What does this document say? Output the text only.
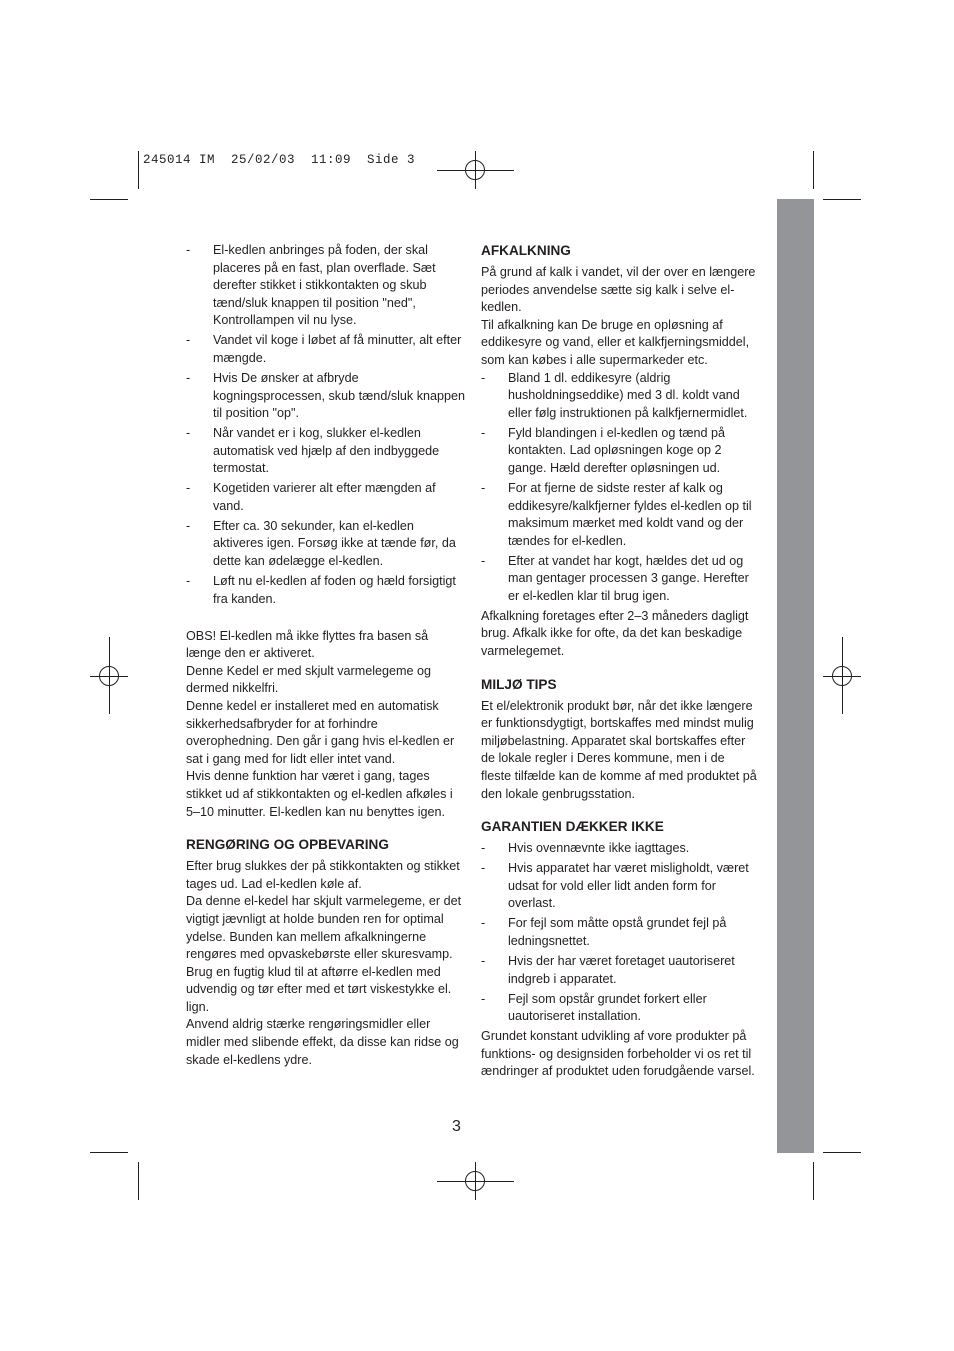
245014 IM  25/02/03  11:09  Side 3
- El-kedlen anbringes på foden, der skal placeres på en fast, plan overflade. Sæt derefter stikket i stikkontakten og skub tænd/sluk knappen til position "ned", Kontrollampen vil nu lyse.
- Vandet vil koge i løbet af få minutter, alt efter mængde.
- Hvis De ønsker at afbryde kogningsprocessen, skub tænd/sluk knappen til position "op".
- Når vandet er i kog, slukker el-kedlen automatisk ved hjælp af den indbyggede termostat.
- Kogetiden varierer alt efter mængden af vand.
- Efter ca. 30 sekunder, kan el-kedlen aktiveres igen. Forsøg ikke at tænde før, da dette kan ødelægge el-kedlen.
- Løft nu el-kedlen af foden og hæld forsigtigt fra kanden.

OBS! El-kedlen må ikke flyttes fra basen så længe den er aktiveret.

Denne Kedel er med skjult varmelegeme og dermed nikkelfri.

Denne kedel er installeret med en automatisk sikkerhedsafbryder for at forhindre overophedning. Den går i gang hvis el-kedlen er sat i gang med for lidt eller intet vand.

Hvis denne funktion har været i gang, tages stikket ud af stikkontakten og el-kedlen afkøles i 5–10 minutter. El-kedlen kan nu benyttes igen.

RENGØRING OG OPBEVARING

Efter brug slukkes der på stikkontakten og stikket tages ud. Lad el-kedlen køle af.

Da denne el-kedel har skjult varmelegeme, er det vigtigt jævnligt at holde bunden ren for optimal ydelse. Bunden kan mellem afkalkningerne rengøres med opvaskebørste eller skuresvamp. Brug en fugtig klud til at aftørre el-kedlen med udvendig og tør efter med et tørt viskestykke el. lign.

Anvend aldrig stærke rengøringsmidler eller midler med slibende effekt, da disse kan ridse og skade el-kedlens ydre.

AFKALKNING

På grund af kalk i vandet, vil der over en længere periodes anvendelse sætte sig kalk i selve el-kedlen.

Til afkalkning kan De bruge en opløsning af eddikesyre og vand, eller et kalkfjerningsmiddel, som kan købes i alle supermarkeder etc.

- Bland 1 dl. eddikesyre (aldrig husholdningseddike) med 3 dl. koldt vand eller følg instruktionen på kalkfjernermidlet.
- Fyld blandingen i el-kedlen og tænd på kontakten. Lad opløsningen koge op 2 gange. Hæld derefter opløsningen ud.
- For at fjerne de sidste rester af kalk og eddikesyre/kalkfjerner fyldes el-kedlen op til maksimum mærket med koldt vand og der tændes for el-kedlen.
- Efter at vandet har kogt, hældes det ud og man gentager processen 3 gange. Herefter er el-kedlen klar til brug igen.

Afkalkning foretages efter 2–3 måneders dagligt brug. Afkalk ikke for ofte, da det kan beskadige varmelegemet.

MILJØ TIPS

Et el/elektronik produkt bør, når det ikke længere er funktionsdygtigt, bortskaffes med mindst mulig miljøbelastning. Apparatet skal bortskaffes efter de lokale regler i Deres kommune, men i de fleste tilfælde kan de komme af med produktet på den lokale genbrugsstation.

GARANTIEN DÆKKER IKKE
- Hvis ovennævnte ikke iagttages.
- Hvis apparatet har været misligholdt, været udsat for vold eller lidt anden form for overlast.
- For fejl som måtte opstå grundet fejl på ledningsnettet.
- Hvis der har været foretaget uautoriseret indgreb i apparatet.
- Fejl som opstår grundet forkert eller uautoriseret installation.

Grundet konstant udvikling af vore produkter på funktions- og designsiden forbeholder vi os ret til ændringer af produktet uden forudgående varsel.

3
